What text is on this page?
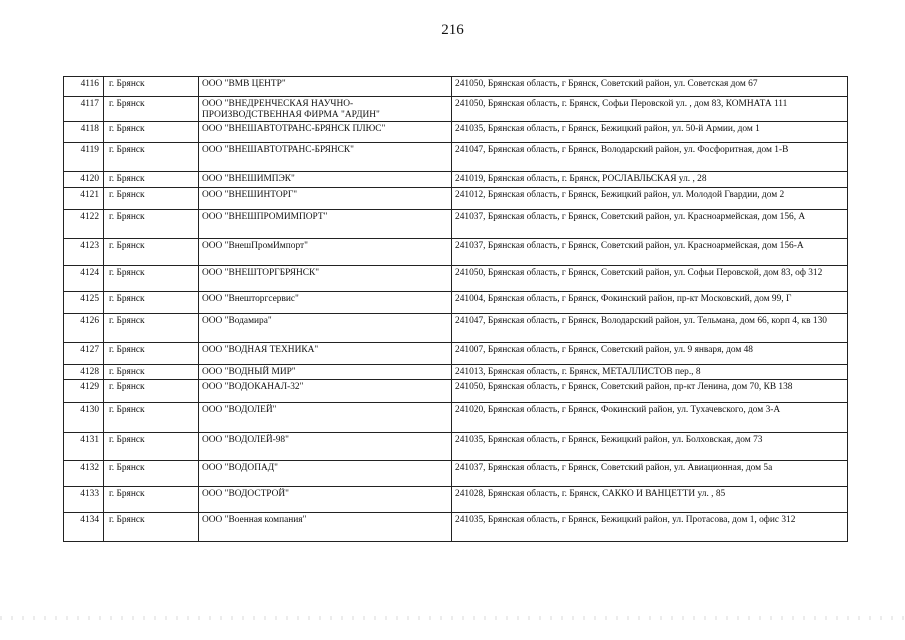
216
4116	г. Брянск	ООО "ВМВ ЦЕНТР"	241050, Брянская область, г Брянск, Советский район, ул. Советская дом 67
4117	г. Брянск	ООО "ВНЕДРЕНЧЕСКАЯ НАУЧНО-ПРОИЗВОДСТВЕННАЯ ФИРМА "АРДИН"	241050, Брянская область, г. Брянск, Софьи Перовской ул. , дом 83, КОМНАТА 111
4118	г. Брянск	ООО "ВНЕШАВТОТРАНС-БРЯНСК ПЛЮС"	241035, Брянская область, г Брянск, Бежицкий район, ул. 50-й Армии, дом 1
4119	г. Брянск	ООО "ВНЕШАВТОТРАНС-БРЯНСК"	241047, Брянская область, г Брянск, Володарский район, ул. Фосфоритная, дом 1-В
4120	г. Брянск	ООО "ВНЕШИМПЭК"	241019, Брянская область, г. Брянск, РОСЛАВЛЬСКАЯ ул. , 28
4121	г. Брянск	ООО "ВНЕШИНТОРГ"	241012, Брянская область, г Брянск, Бежицкий район, ул. Молодой Гвардии, дом 2
4122	г. Брянск	ООО "ВНЕШПРОМИМПОРТ"	241037, Брянская область, г Брянск, Советский район, ул. Красноармейская, дом 156, А
4123	г. Брянск	ООО "ВнешПромИмпорт"	241037, Брянская область, г Брянск, Советский район, ул. Красноармейская, дом 156-А
4124	г. Брянск	ООО "ВНЕШТОРГБРЯНСК"	241050, Брянская область, г Брянск, Советский район, ул. Софьи Перовской, дом 83, оф 312
4125	г. Брянск	ООО "Внешторгсервис"	241004, Брянская область, г Брянск, Фокинский район, пр-кт Московский, дом 99, Г
4126	г. Брянск	ООО "Водамира"	241047, Брянская область, г Брянск, Володарский район, ул. Тельмана, дом 66, корп 4, кв 130
4127	г. Брянск	ООО "ВОДНАЯ ТЕХНИКА"	241007, Брянская область, г Брянск, Советский район, ул. 9 января, дом 48
4128	г. Брянск	ООО "ВОДНЫЙ МИР"	241013, Брянская область, г. Брянск, МЕТАЛЛИСТОВ пер., 8
4129	г. Брянск	ООО "ВОДОКАНАЛ-32"	241050, Брянская область, г Брянск, Советский район, пр-кт Ленина, дом 70, КВ 138
4130	г. Брянск	ООО "ВОДОЛЕЙ"	241020, Брянская область, г Брянск, Фокинский район, ул. Тухачевского, дом 3-А
4131	г. Брянск	ООО "ВОДОЛЕЙ-98"	241035, Брянская область, г Брянск, Бежицкий район, ул. Болховская, дом 73
4132	г. Брянск	ООО "ВОДОПАД"	241037, Брянская область, г Брянск, Советский район, ул. Авиационная, дом 5а
4133	г. Брянск	ООО "ВОДОСТРОЙ"	241028, Брянская область, г. Брянск, САККО И ВАНЦЕТТИ ул. , 85
4134	г. Брянск	ООО "Военная компания"	241035, Брянская область, г Брянск, Бежицкий район, ул. Протасова, дом 1, офис 312
